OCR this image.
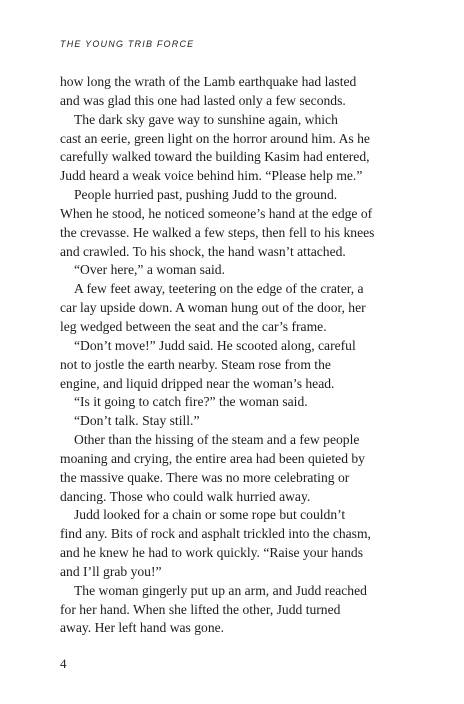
THE YOUNG TRIB FORCE
how long the wrath of the Lamb earthquake had lasted
and was glad this one had lasted only a few seconds.
The dark sky gave way to sunshine again, which
cast an eerie, green light on the horror around him. As he
carefully walked toward the building Kasim had entered,
Judd heard a weak voice behind him. “Please help me.”
People hurried past, pushing Judd to the ground.
When he stood, he noticed someone’s hand at the edge of
the crevasse. He walked a few steps, then fell to his knees
and crawled. To his shock, the hand wasn’t attached.
“Over here,” a woman said.
A few feet away, teetering on the edge of the crater, a
car lay upside down. A woman hung out of the door, her
leg wedged between the seat and the car’s frame.
“Don’t move!” Judd said. He scooted along, careful
not to jostle the earth nearby. Steam rose from the
engine, and liquid dripped near the woman’s head.
“Is it going to catch fire?” the woman said.
“Don’t talk. Stay still.”
Other than the hissing of the steam and a few people
moaning and crying, the entire area had been quieted by
the massive quake. There was no more celebrating or
dancing. Those who could walk hurried away.
Judd looked for a chain or some rope but couldn’t
find any. Bits of rock and asphalt trickled into the chasm,
and he knew he had to work quickly. “Raise your hands
and I’ll grab you!”
The woman gingerly put up an arm, and Judd reached
for her hand. When she lifted the other, Judd turned
away. Her left hand was gone.
4
